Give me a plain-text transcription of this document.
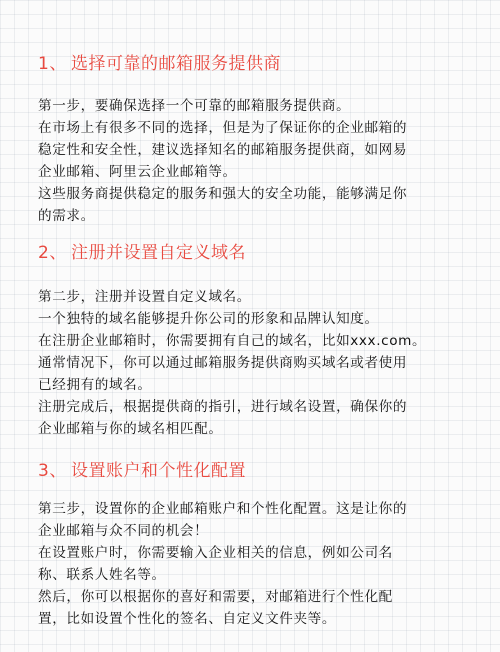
1、 选择可靠的邮箱服务提供商
第一步，要确保选择一个可靠的邮箱服务提供商。
在市场上有很多不同的选择，但是为了保证你的企业邮箱的
稳定性和安全性，建议选择知名的邮箱服务提供商，如网易
企业邮箱、阿里云企业邮箱等。
这些服务商提供稳定的服务和强大的安全功能，能够满足你
的需求。
2、 注册并设置自定义域名
第二步，注册并设置自定义域名。
一个独特的域名能够提升你公司的形象和品牌认知度。
在注册企业邮箱时，你需要拥有自己的域名，比如xxx.com。
通常情况下，你可以通过邮箱服务提供商购买域名或者使用
已经拥有的域名。
注册完成后，根据提供商的指引，进行域名设置，确保你的
企业邮箱与你的域名相匹配。
3、 设置账户和个性化配置
第三步，设置你的企业邮箱账户和个性化配置。这是让你的
企业邮箱与众不同的机会！
在设置账户时，你需要输入企业相关的信息，例如公司名
称、联系人姓名等。
然后，你可以根据你的喜好和需要，对邮箱进行个性化配
置，比如设置个性化的签名、自定义文件夹等。
